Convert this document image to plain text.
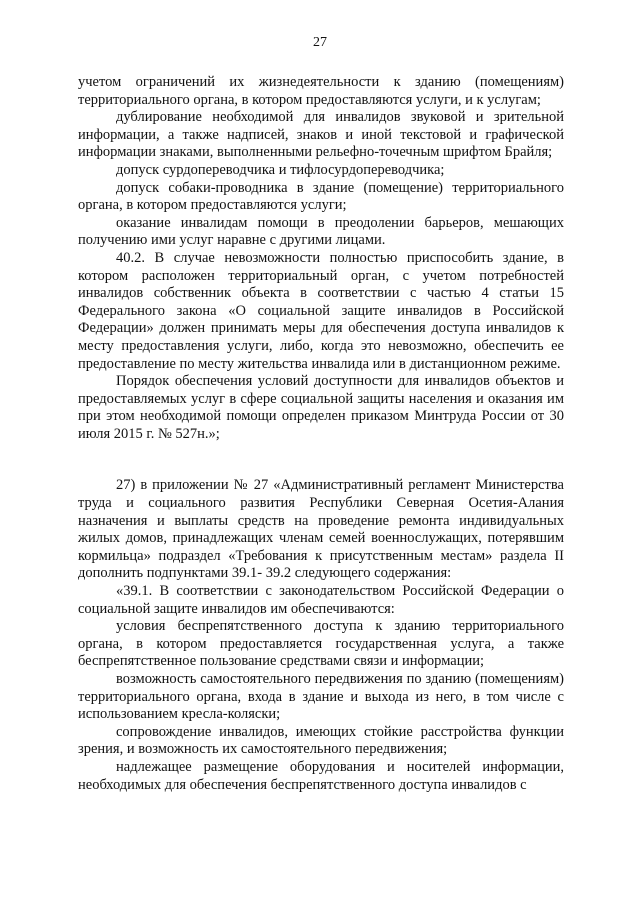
27

учетом ограничений их жизнедеятельности к зданию (помещениям) территориального органа, в котором предоставляются услуги, и к услугам;

дублирование необходимой для инвалидов звуковой и зрительной информации, а также надписей, знаков и иной текстовой и графической информации знаками, выполненными рельефно-точечным шрифтом Брайля;

допуск сурдопереводчика и тифлосурдопереводчика;

допуск собаки-проводника в здание (помещение) территориального органа, в котором предоставляются услуги;

оказание инвалидам помощи в преодолении барьеров, мешающих получению ими услуг наравне с другими лицами.

40.2. В случае невозможности полностью приспособить здание, в котором расположен территориальный орган, с учетом потребностей инвалидов собственник объекта в соответствии с частью 4 статьи 15 Федерального закона «О социальной защите инвалидов в Российской Федерации» должен принимать меры для обеспечения доступа инвалидов к месту предоставления услуги, либо, когда это невозможно, обеспечить ее предоставление по месту жительства инвалида или в дистанционном режиме.

Порядок обеспечения условий доступности для инвалидов объектов и предоставляемых услуг в сфере социальной защиты населения и оказания им при этом необходимой помощи определен приказом Минтруда России от 30 июля 2015 г. № 527н.»;

27) в приложении № 27 «Административный регламент Министерства труда и социального развития Республики Северная Осетия-Алания назначения и выплаты средств на проведение ремонта индивидуальных жилых домов, принадлежащих членам семей военнослужащих, потерявшим кормильца» подраздел «Требования к присутственным местам» раздела II дополнить подпунктами 39.1- 39.2 следующего содержания:

«39.1. В соответствии с законодательством Российской Федерации о социальной защите инвалидов им обеспечиваются:

условия беспрепятственного доступа к зданию территориального органа, в котором предоставляется государственная услуга, а также беспрепятственное пользование средствами связи и информации;

возможность самостоятельного передвижения по зданию (помещениям) территориального органа, входа в здание и выхода из него, в том числе с использованием кресла-коляски;

сопровождение инвалидов, имеющих стойкие расстройства функции зрения, и возможность их самостоятельного передвижения;

надлежащее размещение оборудования и носителей информации, необходимых для обеспечения беспрепятственного доступа инвалидов с
